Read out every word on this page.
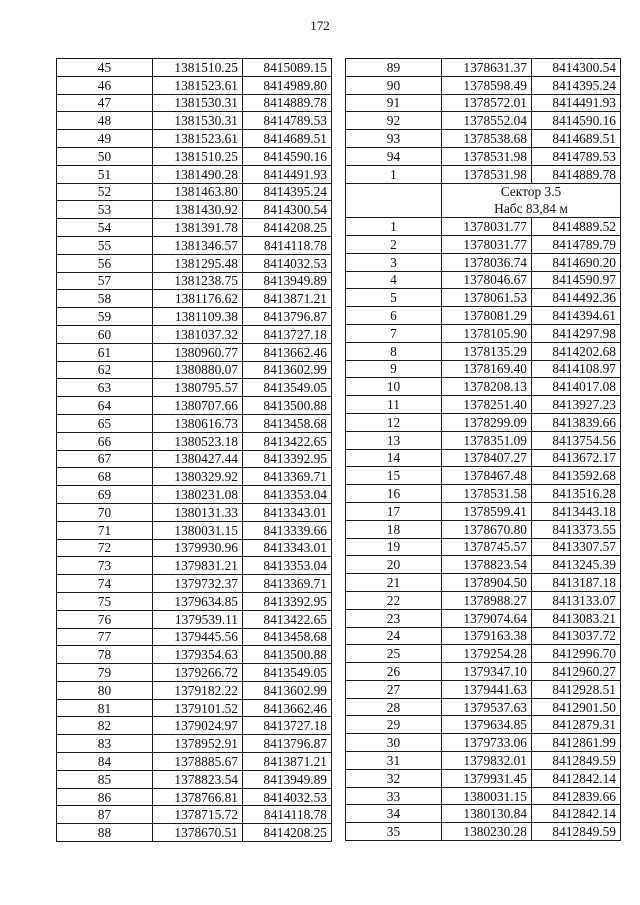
172
45	1381510.25	8415089.15
46	1381523.61	8414989.80
47	1381530.31	8414889.78
48	1381530.31	8414789.53
49	1381523.61	8414689.51
50	1381510.25	8414590.16
51	1381490.28	8414491.93
52	1381463.80	8414395.24
53	1381430.92	8414300.54
54	1381391.78	8414208.25
55	1381346.57	8414118.78
56	1381295.48	8414032.53
57	1381238.75	8413949.89
58	1381176.62	8413871.21
59	1381109.38	8413796.87
60	1381037.32	8413727.18
61	1380960.77	8413662.46
62	1380880.07	8413602.99
63	1380795.57	8413549.05
64	1380707.66	8413500.88
65	1380616.73	8413458.68
66	1380523.18	8413422.65
67	1380427.44	8413392.95
68	1380329.92	8413369.71
69	1380231.08	8413353.04
70	1380131.33	8413343.01
71	1380031.15	8413339.66
72	1379930.96	8413343.01
73	1379831.21	8413353.04
74	1379732.37	8413369.71
75	1379634.85	8413392.95
76	1379539.11	8413422.65
77	1379445.56	8413458.68
78	1379354.63	8413500.88
79	1379266.72	8413549.05
80	1379182.22	8413602.99
81	1379101.52	8413662.46
82	1379024.97	8413727.18
83	1378952.91	8413796.87
84	1378885.67	8413871.21
85	1378823.54	8413949.89
86	1378766.81	8414032.53
87	1378715.72	8414118.78
88	1378670.51	8414208.25
89	1378631.37	8414300.54
90	1378598.49	8414395.24
91	1378572.01	8414491.93
92	1378552.04	8414590.16
93	1378538.68	8414689.51
94	1378531.98	8414789.53
1	1378531.98	8414889.78
	Сектор 3.5	
	Набс 83,84 м	
1	1378031.77	8414889.52
2	1378031.77	8414789.79
3	1378036.74	8414690.20
4	1378046.67	8414590.97
5	1378061.53	8414492.36
6	1378081.29	8414394.61
7	1378105.90	8414297.98
8	1378135.29	8414202.68
9	1378169.40	8414108.97
10	1378208.13	8414017.08
11	1378251.40	8413927.23
12	1378299.09	8413839.66
13	1378351.09	8413754.56
14	1378407.27	8413672.17
15	1378467.48	8413592.68
16	1378531.58	8413516.28
17	1378599.41	8413443.18
18	1378670.80	8413373.55
19	1378745.57	8413307.57
20	1378823.54	8413245.39
21	1378904.50	8413187.18
22	1378988.27	8413133.07
23	1379074.64	8413083.21
24	1379163.38	8413037.72
25	1379254.28	8412996.70
26	1379347.10	8412960.27
27	1379441.63	8412928.51
28	1379537.63	8412901.50
29	1379634.85	8412879.31
30	1379733.06	8412861.99
31	1379832.01	8412849.59
32	1379931.45	8412842.14
33	1380031.15	8412839.66
34	1380130.84	8412842.14
35	1380230.28	8412849.59
